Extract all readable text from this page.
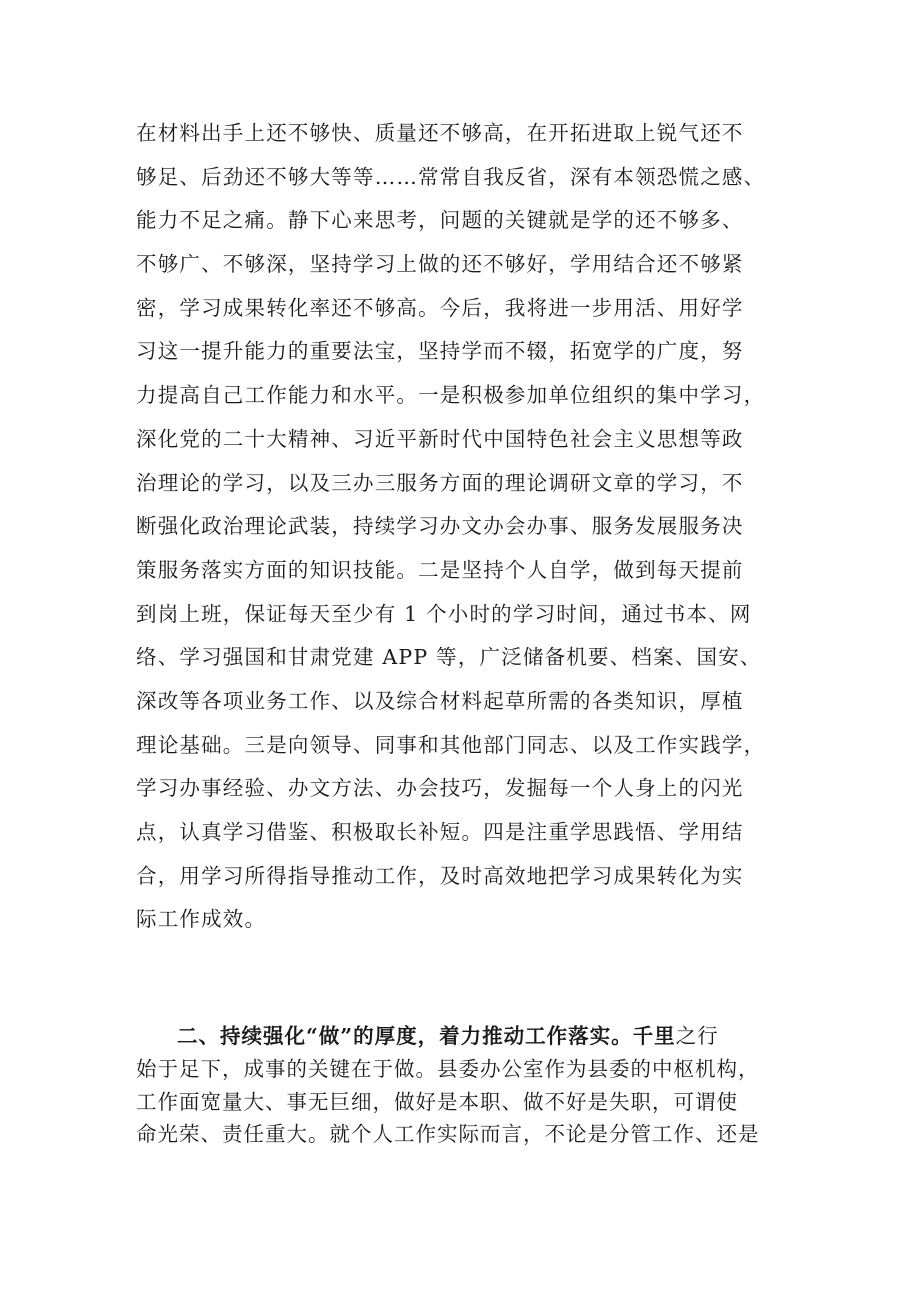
在材料出手上还不够快、质量还不够高，在开拓进取上锐气还不
够足、后劲还不够大等等……常常自我反省，深有本领恐慌之感、
能力不足之痛。静下心来思考，问题的关键就是学的还不够多、
不够广、不够深，坚持学习上做的还不够好，学用结合还不够紧
密，学习成果转化率还不够高。今后，我将进一步用活、用好学
习这一提升能力的重要法宝，坚持学而不辍，拓宽学的广度，努
力提高自己工作能力和水平。一是积极参加单位组织的集中学习，
深化党的二十大精神、习近平新时代中国特色社会主义思想等政
治理论的学习，以及三办三服务方面的理论调研文章的学习，不
断强化政治理论武装，持续学习办文办会办事、服务发展服务决
策服务落实方面的知识技能。二是坚持个人自学，做到每天提前
到岗上班，保证每天至少有 1 个小时的学习时间，通过书本、网
络、学习强国和甘肃党建 APP 等，广泛储备机要、档案、国安、
深改等各项业务工作、以及综合材料起草所需的各类知识，厚植
理论基础。三是向领导、同事和其他部门同志、以及工作实践学，
学习办事经验、办文方法、办会技巧，发掘每一个人身上的闪光
点，认真学习借鉴、积极取长补短。四是注重学思践悟、学用结
合，用学习所得指导推动工作，及时高效地把学习成果转化为实
际工作成效。
二、持续强化“做”的厚度，着力推动工作落实。千里之行
始于足下，成事的关键在于做。县委办公室作为县委的中枢机构，
工作面宽量大、事无巨细，做好是本职、做不好是失职，可谓使
命光荣、责任重大。就个人工作实际而言，不论是分管工作、还是
